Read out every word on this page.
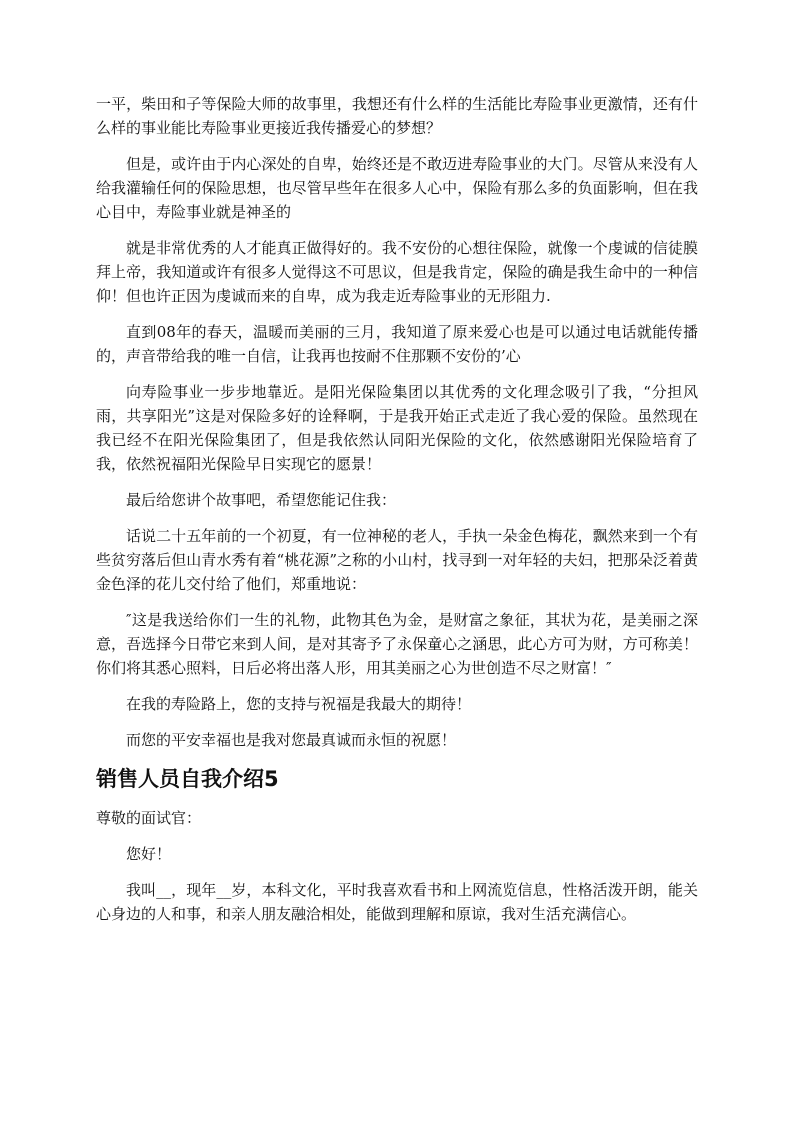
一平，柴田和子等保险大师的故事里，我想还有什么样的生活能比寿险事业更激情，还有什么样的事业能比寿险事业更接近我传播爱心的梦想？

但是，或许由于内心深处的自卑，始终还是不敢迈进寿险事业的大门。尽管从来没有人给我灌输任何的保险思想，也尽管早些年在很多人心中，保险有那么多的负面影响，但在我心目中，寿险事业就是神圣的

就是非常优秀的人才能真正做得好的。我不安份的心想往保险，就像一个虔诚的信徒膜拜上帝，我知道或许有很多人觉得这不可思议，但是我肯定，保险的确是我生命中的一种信仰！但也许正因为虔诚而来的自卑，成为我走近寿险事业的无形阻力.

直到08年的春天，温暖而美丽的三月，我知道了原来爱心也是可以通过电话就能传播的，声音带给我的唯一自信，让我再也按耐不住那颗不安份的’心

向寿险事业一步步地靠近。是阳光保险集团以其优秀的文化理念吸引了我，“分担风雨，共享阳光”这是对保险多好的诠释啊，于是我开始正式走近了我心爱的保险。虽然现在我已经不在阳光保险集团了，但是我依然认同阳光保险的文化，依然感谢阳光保险培育了我，依然祝福阳光保险早日实现它的愿景！

最后给您讲个故事吧，希望您能记住我：

话说二十五年前的一个初夏，有一位神秘的老人，手执一朵金色梅花，飘然来到一个有些贫穷落后但山青水秀有着“桃花源”之称的小山村，找寻到一对年轻的夫妇，把那朵泛着黄金色泽的花儿交付给了他们，郑重地说：

″这是我送给你们一生的礼物，此物其色为金，是财富之象征，其状为花，是美丽之深意，吾选择今日带它来到人间，是对其寄予了永保童心之涵思，此心方可为财，方可称美！你们将其悉心照料，日后必将出落人形，用其美丽之心为世创造不尽之财富！″

在我的寿险路上，您的支持与祝福是我最大的期待！

而您的平安幸福也是我对您最真诚而永恒的祝愿！

销售人员自我介绍5

尊敬的面试官：

您好！

我叫__，现年__岁，本科文化，平时我喜欢看书和上网流览信息，性格活泼开朗，能关心身边的人和事，和亲人朋友融洽相处，能做到理解和原谅，我对生活充满信心。
